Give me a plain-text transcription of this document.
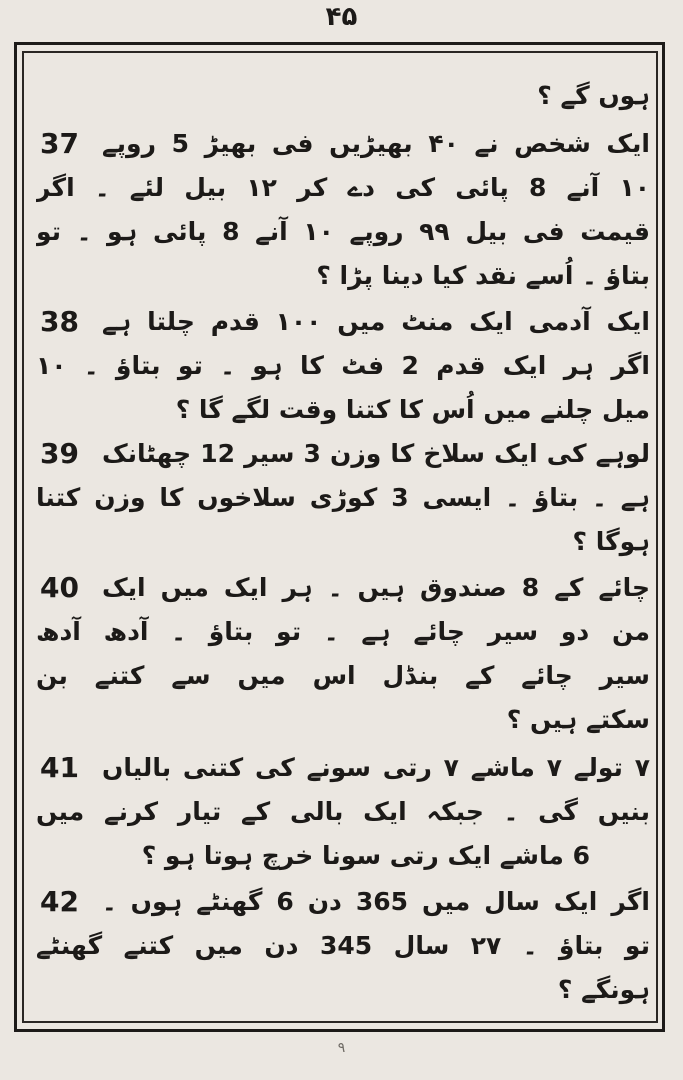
۴۵
ہوں گے ؟
37 ایک شخص نے ۴۰ بھیڑیں فی بھیڑ 5 روپے
۱۰ آنے 8 پائی کی دے کر ۱۲ بیل لئے ۔ اگر
قیمت فی بیل ۹۹ روپے ۱۰ آنے 8 پائی ہو ۔ تو
بتاؤ ۔ اُسے نقد کیا دینا پڑا ؟
38 ایک آدمی ایک منٹ میں ۱۰۰ قدم چلتا ہے
اگر ہر ایک قدم 2 فٹ کا ہو ۔ تو بتاؤ ۔ ۱۰
میل چلنے میں اُس کا کتنا وقت لگے گا ؟
39 لوہے کی ایک سلاخ کا وزن 3 سیر 12 چھٹانک
ہے ۔ بتاؤ ۔ ایسی 3 کوڑی سلاخوں کا وزن کتنا
ہوگا ؟
40 چائے کے 8 صندوق ہیں ۔ ہر ایک میں ایک
من دو سیر چائے ہے ۔ تو بتاؤ ۔ آدھ آدھ
سیر چائے کے بنڈل اس میں سے کتنے بن
سکتے ہیں ؟
41 ۷ تولے ۷ ماشے ۷ رتی سونے کی کتنی بالیاں
بنیں گی ۔ جبکہ ایک بالی کے تیار کرنے میں
6 ماشے ایک رتی سونا خرچ ہوتا ہو ؟
42 اگر ایک سال میں 365 دن 6 گھنٹے ہوں ۔
تو بتاؤ ۔ ۲۷ سال 345 دن میں کتنے گھنٹے
ہونگے ؟
۹
